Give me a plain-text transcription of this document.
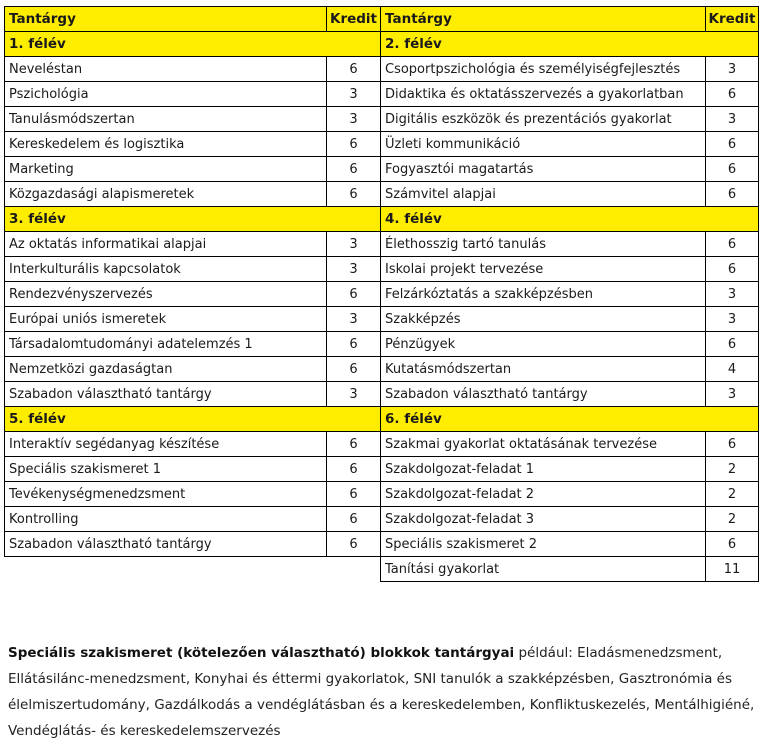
Tantárgy	Kredit
1. félév	
Neveléstan	6
Pszichológia	3
Tanulásmódszertan	3
Kereskedelem és logisztika	6
Marketing	6
Közgazdasági alapismeretek	6
3. félév	
Az oktatás informatikai alapjai	3
Interkulturális kapcsolatok	3
Rendezvényszervezés	6
Európai uniós ismeretek	3
Társadalomtudományi adatelemzés 1	6
Nemzetközi gazdaságtan	6
Szabadon választható tantárgy	3
5. félév	
Interaktív segédanyag készítése	6
Speciális szakismeret 1	6
Tevékenységmenedzsment	6
Kontrolling	6
Szabadon választható tantárgy	6

Tantárgy	Kredit
2. félév	
Csoportpszichológia és személyiségfejlesztés	3
Didaktika és oktatásszervezés a gyakorlatban	6
Digitális eszközök és prezentációs gyakorlat	3
Üzleti kommunikáció	6
Fogyasztói magatartás	6
Számvitel alapjai	6
4. félév	
Élethosszig tartó tanulás	6
Iskolai projekt tervezése	6
Felzárkóztatás a szakképzésben	3
Szakképzés	3
Pénzügyek	6
Kutatásmódszertan	4
Szabadon választható tantárgy	3
6. félév	
Szakmai gyakorlat oktatásának tervezése	6
Szakdolgozat-feladat 1	2
Szakdolgozat-feladat 2	2
Szakdolgozat-feladat 3	2
Speciális szakismeret 2	6
Tanítási gyakorlat	11

Speciális szakismeret (kötelezően választható) blokkok tantárgyai például: Eladásmenedzsment, Ellátásilánc-menedzsment, Konyhai és éttermi gyakorlatok, SNI tanulók a szakképzésben, Gasztronómia és élelmiszertudomány, Gazdálkodás a vendéglátásban és a kereskedelemben, Konfliktuskezelés, Mentálhigiéné, Vendéglátás- és kereskedelemszervezés
